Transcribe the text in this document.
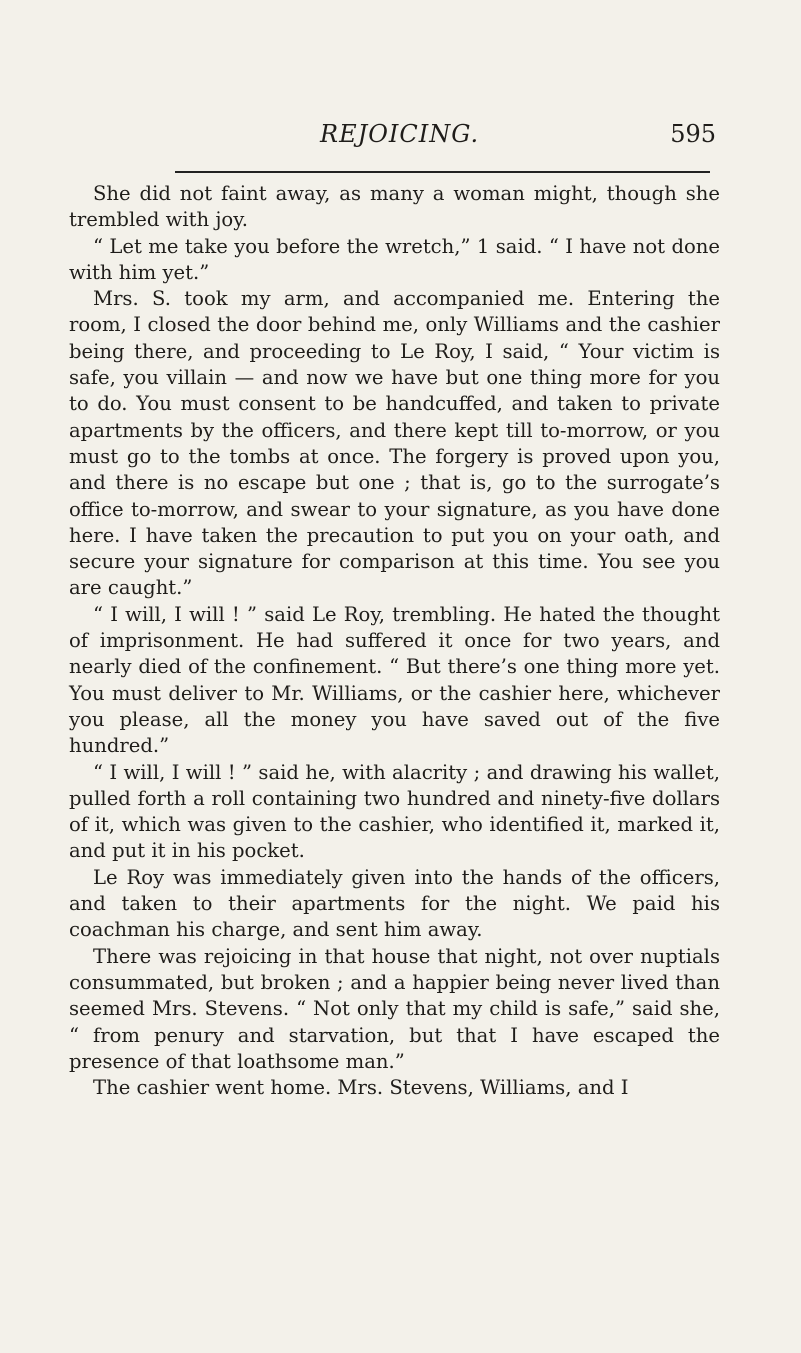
REJOICING.	595

She did not faint away, as many a woman might, though she trembled with joy.

“ Let me take you before the wretch,” 1 said. “ I have not done with him yet.”

Mrs. S. took my arm, and accompanied me. Entering the room, I closed the door behind me, only Williams and the cashier being there, and proceeding to Le Roy, I said, “ Your victim is safe, you villain — and now we have but one thing more for you to do. You must consent to be handcuffed, and taken to private apartments by the officers, and there kept till to-morrow, or you must go to the tombs at once. The forgery is proved upon you, and there is no escape but one ; that is, go to the surrogate’s office to-morrow, and swear to your signature, as you have done here. I have taken the precaution to put you on your oath, and secure your signature for comparison at this time. You see you are caught.”

“ I will, I will ! ” said Le Roy, trembling. He hated the thought of imprisonment. He had suffered it once for two years, and nearly died of the confinement. “ But there’s one thing more yet. You must deliver to Mr. Williams, or the cashier here, whichever you please, all the money you have saved out of the five hundred.”

“ I will, I will ! ” said he, with alacrity ; and drawing his wallet, pulled forth a roll containing two hundred and ninety-five dollars of it, which was given to the cashier, who identified it, marked it, and put it in his pocket.

Le Roy was immediately given into the hands of the officers, and taken to their apartments for the night. We paid his coachman his charge, and sent him away.

There was rejoicing in that house that night, not over nuptials consummated, but broken ; and a happier being never lived than seemed Mrs. Stevens. “ Not only that my child is safe,” said she, “ from penury and starvation, but that I have escaped the presence of that loathsome man.”

The cashier went home. Mrs. Stevens, Williams, and I
